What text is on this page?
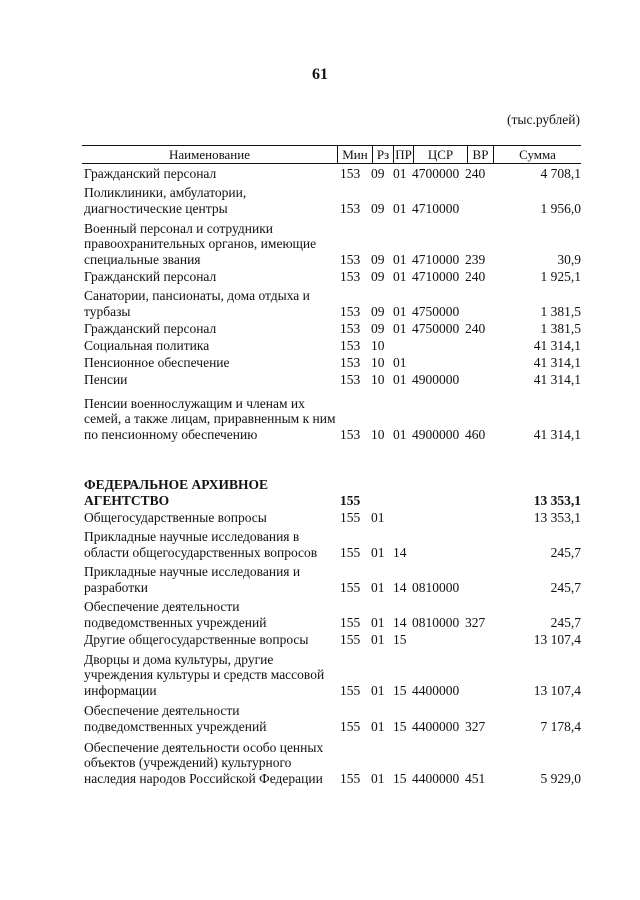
61
(тыс.рублей)
Наименование	Мин Рз ПР	ЦСР	ВР	Сумма
Гражданский персонал	153 09 01 4700000 240	4 708,1
Поликлиники, амбулатории, диагностические центры	153 09 01 4710000	1 956,0
Военный персонал и сотрудники правоохранительных органов, имеющие специальные звания	153 09 01 4710000 239	30,9
Гражданский персонал	153 09 01 4710000 240	1 925,1
Санатории, пансионаты, дома отдыха и турбазы	153 09 01 4750000	1 381,5
Гражданский персонал	153 09 01 4750000 240	1 381,5
Социальная политика	153 10	41 314,1
Пенсионное обеспечение	153 10 01	41 314,1
Пенсии	153 10 01 4900000	41 314,1
Пенсии военнослужащим и членам их семей, а также лицам, приравненным к ним по пенсионному обеспечению	153 10 01 4900000 460	41 314,1
ФЕДЕРАЛЬНОЕ АРХИВНОЕ АГЕНТСТВО	155	13 353,1
Общегосударственные вопросы	155 01	13 353,1
Прикладные научные исследования в области общегосударственных вопросов	155 01 14	245,7
Прикладные научные исследования и разработки	155 01 14 0810000	245,7
Обеспечение деятельности подведомственных учреждений	155 01 14 0810000 327	245,7
Другие общегосударственные вопросы	155 01 15	13 107,4
Дворцы и дома культуры, другие учреждения культуры и средств массовой информации	155 01 15 4400000	13 107,4
Обеспечение деятельности подведомственных учреждений	155 01 15 4400000 327	7 178,4
Обеспечение деятельности особо ценных объектов (учреждений) культурного наследия народов Российской Федерации	155 01 15 4400000 451	5 929,0
